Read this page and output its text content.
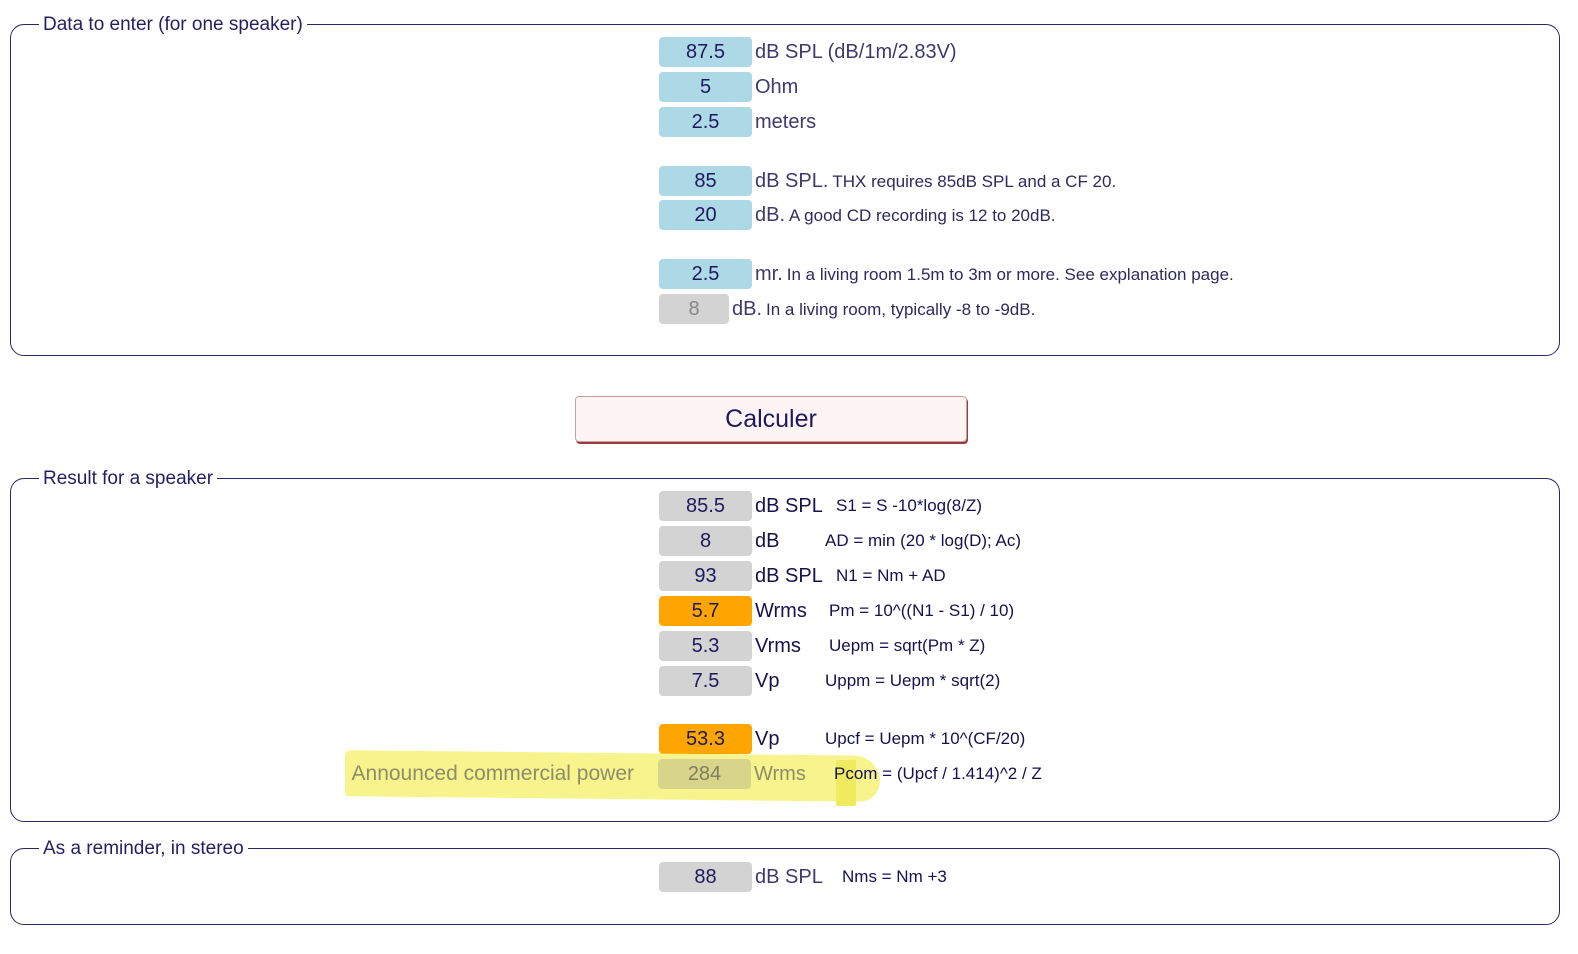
Data to enter (for one speaker)
87.5	dB SPL (dB/1m/2.83V)
5	Ohm
2.5	meters
85	dB SPL. THX requires 85dB SPL and a CF 20.
20	dB. A good CD recording is 12 to 20dB.
2.5	mr. In a living room 1.5m to 3m or more. See explanation page.
8	dB. In a living room, typically -8 to -9dB.
Calculer
Result for a speaker
85.5	dB SPL S1 = S -10*log(8/Z)
8	dB	AD = min (20 * log(D); Ac)
93	dB SPL N1 = Nm + AD
5.7	Wrms Pm = 10^((N1 - S1) / 10)
5.3	Vrms Uepm = sqrt(Pm * Z)
7.5	Vp	Uppm = Uepm * sqrt(2)
53.3	Vp	Upcf = Uepm * 10^(CF/20)
Announced commercial power	284	Wrms Pcom = (Upcf / 1.414)^2 / Z
As a reminder, in stereo
88	dB SPL Nms = Nm +3
